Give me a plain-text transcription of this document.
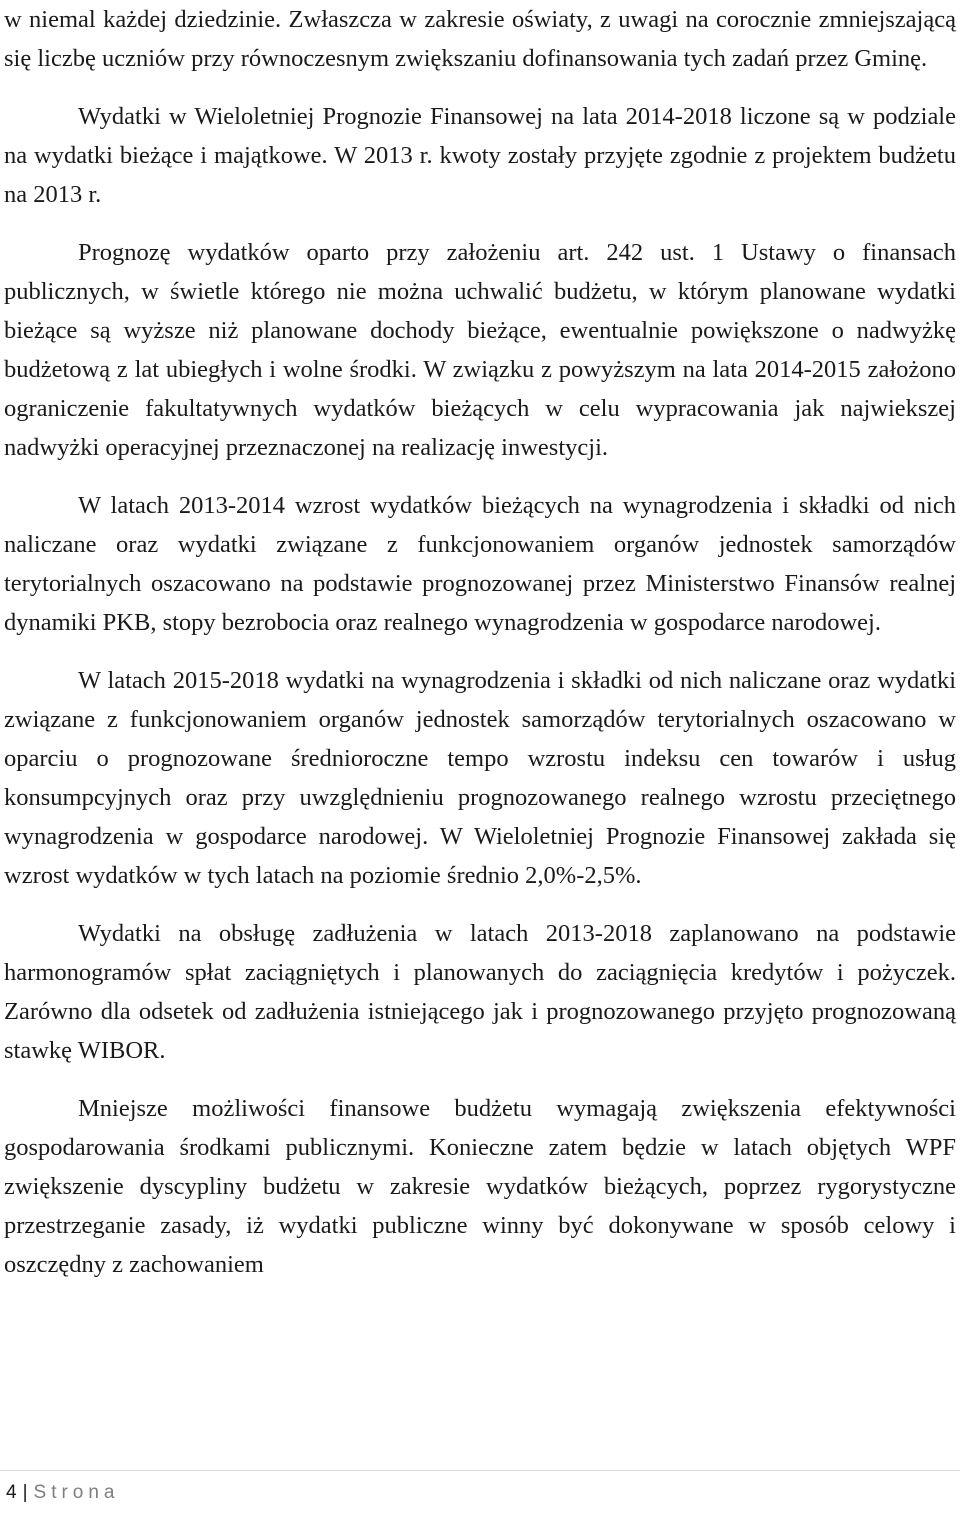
w niemal każdej dziedzinie. Zwłaszcza w zakresie oświaty, z uwagi na corocznie zmniejszającą się liczbę uczniów przy równoczesnym zwiększaniu dofinansowania tych zadań przez Gminę.

Wydatki w Wieloletniej Prognozie Finansowej na lata 2014-2018 liczone są w podziale na wydatki bieżące i majątkowe. W 2013 r. kwoty zostały przyjęte zgodnie z projektem budżetu na 2013 r.

Prognozę wydatków oparto przy założeniu art. 242 ust. 1 Ustawy o finansach publicznych, w świetle którego nie można uchwalić budżetu, w którym planowane wydatki bieżące są wyższe niż planowane dochody bieżące, ewentualnie powiększone o nadwyżkę budżetową z lat ubiegłych i wolne środki. W związku z powyższym na lata 2014-2015 założono ograniczenie fakultatywnych wydatków bieżących w celu wypracowania jak najwiekszej nadwyżki operacyjnej przeznaczonej na realizację inwestycji.

W latach 2013-2014 wzrost wydatków bieżących na wynagrodzenia i składki od nich naliczane oraz wydatki związane z funkcjonowaniem organów jednostek samorządów terytorialnych oszacowano na podstawie prognozowanej przez Ministerstwo Finansów realnej dynamiki PKB, stopy bezrobocia oraz realnego wynagrodzenia w gospodarce narodowej.

W latach 2015-2018 wydatki na wynagrodzenia i składki od nich naliczane oraz wydatki związane z funkcjonowaniem organów jednostek samorządów terytorialnych oszacowano w oparciu o prognozowane średnioroczne tempo wzrostu indeksu cen towarów i usług konsumpcyjnych oraz przy uwzględnieniu prognozowanego realnego wzrostu przeciętnego wynagrodzenia w gospodarce narodowej. W Wieloletniej Prognozie Finansowej zakłada się wzrost wydatków w tych latach na poziomie średnio 2,0%-2,5%.

Wydatki na obsługę zadłużenia w latach 2013-2018 zaplanowano na podstawie harmonogramów spłat zaciągniętych i planowanych do zaciągnięcia kredytów i pożyczek. Zarówno dla odsetek od zadłużenia istniejącego jak i prognozowanego przyjęto prognozowaną stawkę WIBOR.

Mniejsze możliwości finansowe budżetu wymagają zwiększenia efektywności gospodarowania środkami publicznymi. Konieczne zatem będzie w latach objętych WPF zwiększenie dyscypliny budżetu w zakresie wydatków bieżących, poprzez rygorystyczne przestrzeganie zasady, iż wydatki publiczne winny być dokonywane w sposób celowy i oszczędny z zachowaniem

4 | Strona
